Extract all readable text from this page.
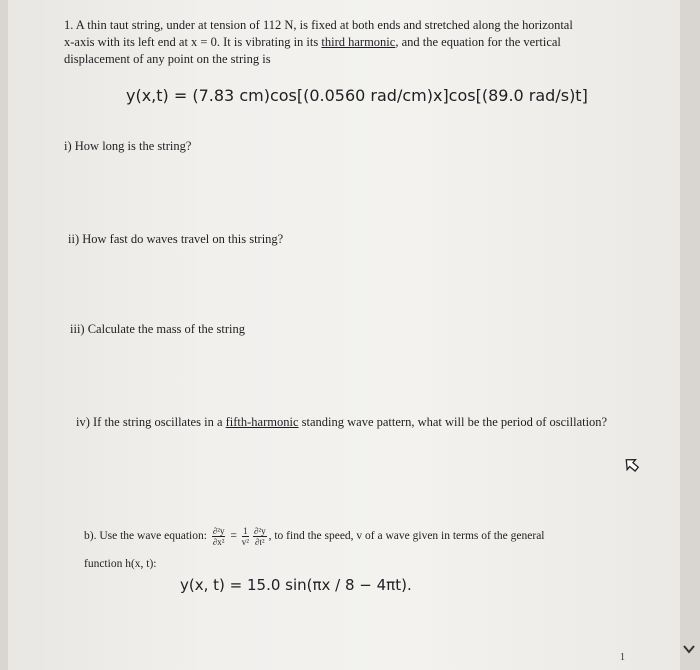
1. A thin taut string, under at tension of 112 N, is fixed at both ends and stretched along the horizontal
x-axis with its left end at x = 0. It is vibrating in its third harmonic, and the equation for the vertical
displacement of any point on the string is
y(x,t) = (7.83 cm)cos[(0.0560 rad/cm)x]cos[(89.0 rad/s)t]
i) How long is the string?
ii) How fast do waves travel on this string?
iii) Calculate the mass of the string
iv) If the string oscillates in a fifth-harmonic standing wave pattern, what will be the period of oscillation?
b). Use the wave equation: $\frac{\text{∂²y}}{\text{∂x²}} = \frac{1}{\text{v²}} \frac{\text{∂²y}}{\text{∂t²}}$ , to find the speed, v of a wave given in terms of the general
function h(x, t):
y(x, t) = 15.0 sin(πx / 8 − 4πt).
1
